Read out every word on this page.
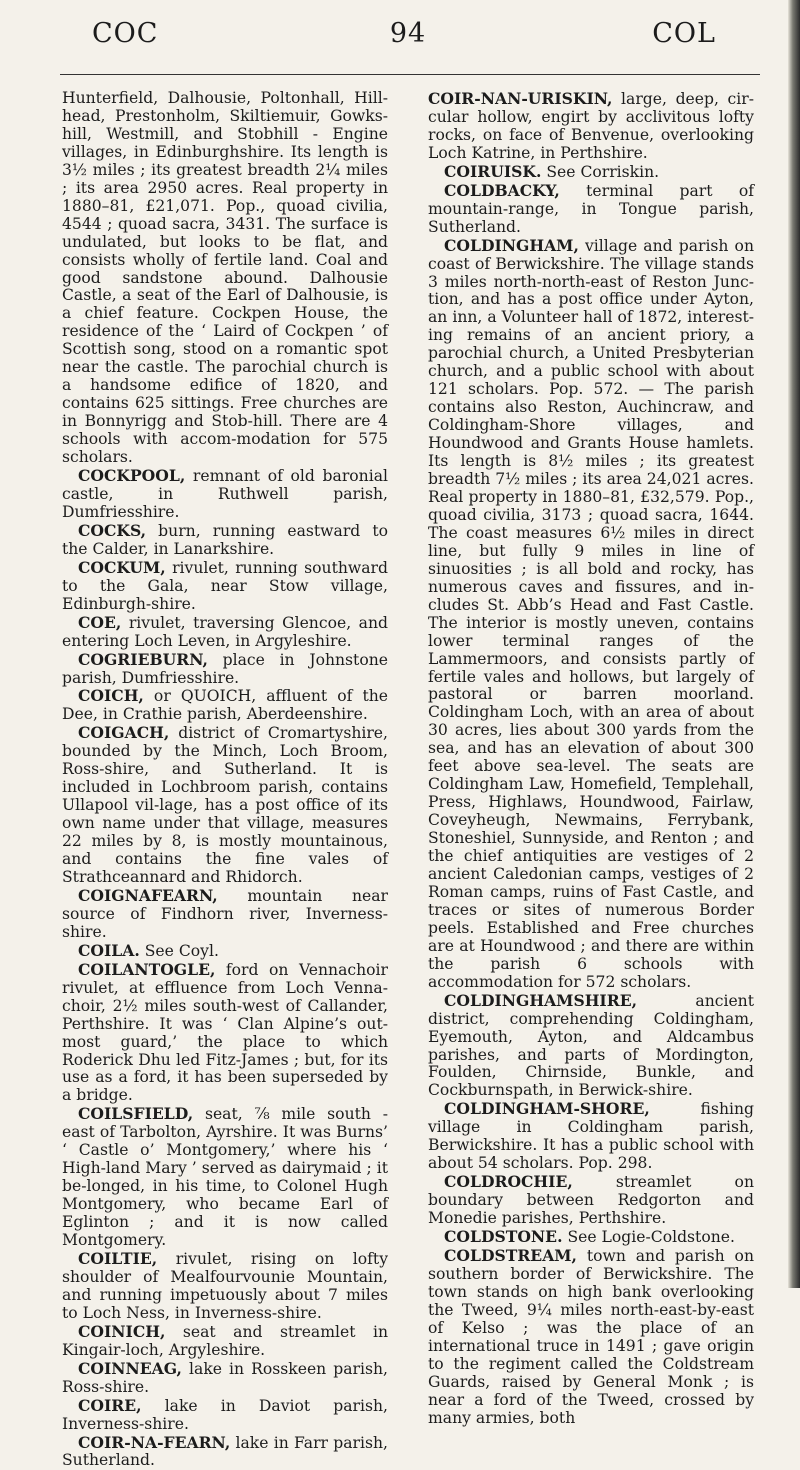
COC	94	COL

Hunterfield, Dalhousie, Poltonhall, Hill-head, Prestonholm, Skiltiemuir, Gowks-hill, Westmill, and Stobhill - Engine villages, in Edinburghshire. Its length is 3½ miles ; its greatest breadth 2¼ miles ; its area 2950 acres. Real property in 1880–81, £21,071. Pop., quoad civilia, 4544 ; quoad sacra, 3431. The surface is undulated, but looks to be flat, and consists wholly of fertile land. Coal and good sandstone abound. Dalhousie Castle, a seat of the Earl of Dalhousie, is a chief feature. Cockpen House, the residence of the ‘ Laird of Cockpen ’ of Scottish song, stood on a romantic spot near the castle. The parochial church is a handsome edifice of 1820, and contains 625 sittings. Free churches are in Bonnyrigg and Stob-hill. There are 4 schools with accom-modation for 575 scholars.

COCKPOOL, remnant of old baronial castle, in Ruthwell parish, Dumfriesshire.

COCKS, burn, running eastward to the Calder, in Lanarkshire.

COCKUM, rivulet, running southward to the Gala, near Stow village, Edinburgh-shire.

COE, rivulet, traversing Glencoe, and entering Loch Leven, in Argyleshire.

COGRIEBURN, place in Johnstone parish, Dumfriesshire.

COICH, or QUOICH, affluent of the Dee, in Crathie parish, Aberdeenshire.

COIGACH, district of Cromartyshire, bounded by the Minch, Loch Broom, Ross-shire, and Sutherland. It is included in Lochbroom parish, contains Ullapool vil-lage, has a post office of its own name under that village, measures 22 miles by 8, is mostly mountainous, and contains the fine vales of Strathceannard and Rhidorch.

COIGNAFEARN, mountain near source of Findhorn river, Inverness-shire.

COILA. See Coyl.

COILANTOGLE, ford on Vennachoir rivulet, at effluence from Loch Venna-choir, 2½ miles south-west of Callander, Perthshire. It was ‘ Clan Alpine’s out-most guard,’ the place to which Roderick Dhu led Fitz-James ; but, for its use as a ford, it has been superseded by a bridge.

COILSFIELD, seat, ⅞ mile south - east of Tarbolton, Ayrshire. It was Burns’ ‘ Castle o’ Montgomery,’ where his ‘ High-land Mary ’ served as dairymaid ; it be-longed, in his time, to Colonel Hugh Montgomery, who became Earl of Eglinton ; and it is now called Montgomery.

COILTIE, rivulet, rising on lofty shoulder of Mealfourvounie Mountain, and running impetuously about 7 miles to Loch Ness, in Inverness-shire.

COINICH, seat and streamlet in Kingair-loch, Argyleshire.

COINNEAG, lake in Rosskeen parish, Ross-shire.

COIRE, lake in Daviot parish, Inverness-shire.

COIR-NA-FEARN, lake in Farr parish, Sutherland.

COIR-NAN-URISKIN, large, deep, cir-cular hollow, engirt by acclivitous lofty rocks, on face of Benvenue, overlooking Loch Katrine, in Perthshire.

COIRUISK. See Corriskin.

COLDBACKY, terminal part of mountain-range, in Tongue parish, Sutherland.

COLDINGHAM, village and parish on coast of Berwickshire. The village stands 3 miles north-north-east of Reston Junc-tion, and has a post office under Ayton, an inn, a Volunteer hall of 1872, interest-ing remains of an ancient priory, a parochial church, a United Presbyterian church, and a public school with about 121 scholars. Pop. 572. — The parish contains also Reston, Auchincraw, and Coldingham-Shore villages, and Houndwood and Grants House hamlets. Its length is 8½ miles ; its greatest breadth 7½ miles ; its area 24,021 acres. Real property in 1880–81, £32,579. Pop., quoad civilia, 3173 ; quoad sacra, 1644. The coast measures 6½ miles in direct line, but fully 9 miles in line of sinuosities ; is all bold and rocky, has numerous caves and fissures, and in-cludes St. Abb’s Head and Fast Castle. The interior is mostly uneven, contains lower terminal ranges of the Lammermoors, and consists partly of fertile vales and hollows, but largely of pastoral or barren moorland. Coldingham Loch, with an area of about 30 acres, lies about 300 yards from the sea, and has an elevation of about 300 feet above sea-level. The seats are Coldingham Law, Homefield, Templehall, Press, Highlaws, Houndwood, Fairlaw, Coveyheugh, Newmains, Ferrybank, Stoneshiel, Sunnyside, and Renton ; and the chief antiquities are vestiges of 2 ancient Caledonian camps, vestiges of 2 Roman camps, ruins of Fast Castle, and traces or sites of numerous Border peels. Established and Free churches are at Houndwood ; and there are within the parish 6 schools with accommodation for 572 scholars.

COLDINGHAMSHIRE, ancient district, comprehending Coldingham, Eyemouth, Ayton, and Aldcambus parishes, and parts of Mordington, Foulden, Chirnside, Bunkle, and Cockburnspath, in Berwick-shire.

COLDINGHAM-SHORE, fishing village in Coldingham parish, Berwickshire. It has a public school with about 54 scholars. Pop. 298.

COLDROCHIE, streamlet on boundary between Redgorton and Monedie parishes, Perthshire.

COLDSTONE. See Logie-Coldstone.

COLDSTREAM, town and parish on southern border of Berwickshire. The town stands on high bank overlooking the Tweed, 9¼ miles north-east-by-east of Kelso ; was the place of an international truce in 1491 ; gave origin to the regiment called the Coldstream Guards, raised by General Monk ; is near a ford of the Tweed, crossed by many armies, both
